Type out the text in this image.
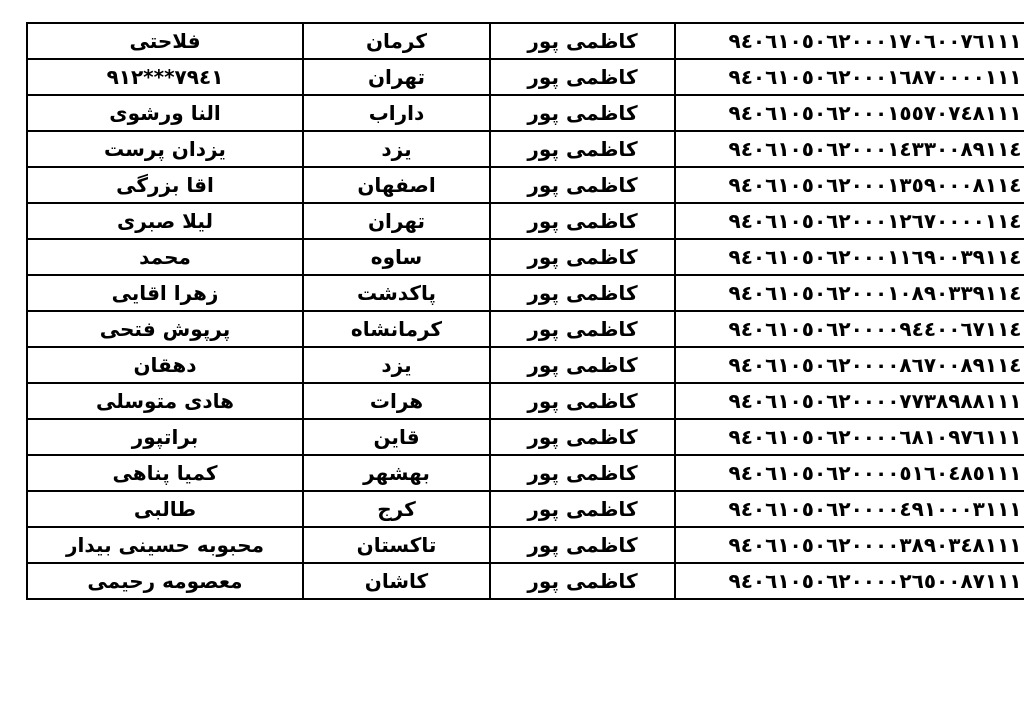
فلاحتی	کرمان	کاظمی پور	۹٤۰٦۱۰٥۰٦۲۰۰۰۱۷۰٦۰۰۷٦۱۱۱
۹۱۲***۷۹٤۱	تهران	کاظمی پور	۹٤۰٦۱۰٥۰٦۲۰۰۰۱٦۸۷۰۰۰۰۱۱۱
النا ورشوی	داراب	کاظمی پور	۹٤۰٦۱۰٥۰٦۲۰۰۰۱٥٥۷۰۷٤۸۱۱۱
یزدان پرست	یزد	کاظمی پور	۹٤۰٦۱۰٥۰٦۲۰۰۰۱٤۳۳۰۰۸۹۱۱٤
اقا بزرگی	اصفهان	کاظمی پور	۹٤۰٦۱۰٥۰٦۲۰۰۰۱۳٥۹۰۰۰۸۱۱٤
لیلا صبری	تهران	کاظمی پور	۹٤۰٦۱۰٥۰٦۲۰۰۰۱۲٦۷۰۰۰۰۱۱٤
محمد	ساوه	کاظمی پور	۹٤۰٦۱۰٥۰٦۲۰۰۰۱۱٦۹۰۰۳۹۱۱٤
زهرا اقایی	پاکدشت	کاظمی پور	۹٤۰٦۱۰٥۰٦۲۰۰۰۱۰۸۹۰۳۳۹۱۱٤
پرپوش فتحی	کرمانشاه	کاظمی پور	۹٤۰٦۱۰٥۰٦۲۰۰۰۰۹٤٤۰۰٦۷۱۱٤
دهقان	یزد	کاظمی پور	۹٤۰٦۱۰٥۰٦۲۰۰۰۰۸٦۷۰۰۸۹۱۱٤
هادی متوسلی	هرات	کاظمی پور	۹٤۰٦۱۰٥۰٦۲۰۰۰۰۷۷۳۸۹۸۸۱۱۱
براتپور	قاین	کاظمی پور	۹٤۰٦۱۰٥۰٦۲۰۰۰۰٦۸۱۰۹۷٦۱۱۱
کمیا پناهی	بهشهر	کاظمی پور	۹٤۰٦۱۰٥۰٦۲۰۰۰۰٥۱٦۰٤۸٥۱۱۱
طالبی	کرج	کاظمی پور	۹٤۰٦۱۰٥۰٦۲۰۰۰۰٤۹۱۰۰۰۳۱۱۱
محبوبه حسینی بیدار	تاکستان	کاظمی پور	۹٤۰٦۱۰٥۰٦۲۰۰۰۰۳۸۹۰۳٤۸۱۱۱
معصومه رحیمی	کاشان	کاظمی پور	۹٤۰٦۱۰٥۰٦۲۰۰۰۰۲٦٥۰۰۸۷۱۱۱
